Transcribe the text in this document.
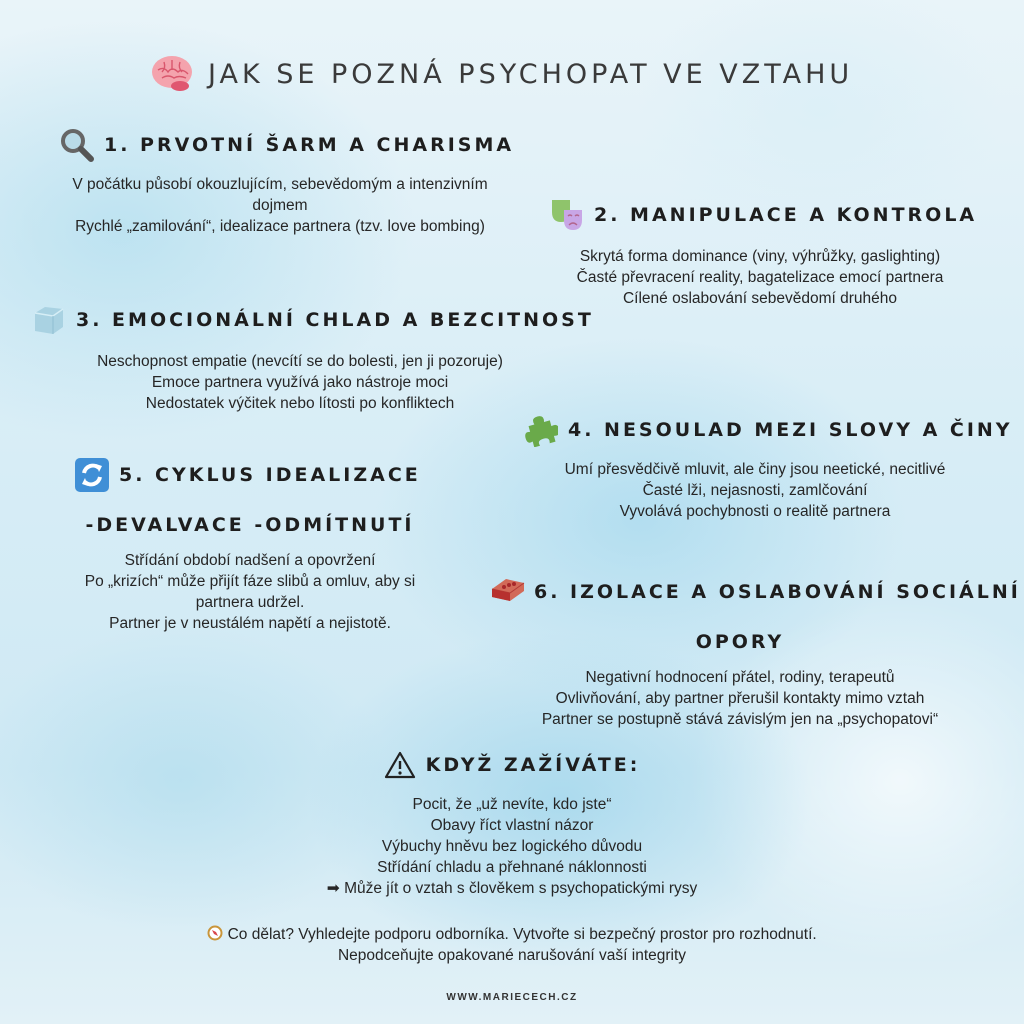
JAK SE POZNÁ PSYCHOPAT VE VZTAHU
1. PRVOTNÍ ŠARM A CHARISMA
V počátku působí okouzlujícím, sebevědomým a intenzivním
dojmem
Rychlé „zamilování“, idealizace partnera (tzv. love bombing)
2. MANIPULACE A KONTROLA
Skrytá forma dominance (viny, výhrůžky, gaslighting)
Časté převracení reality, bagatelizace emocí partnera
Cílené oslabování sebevědomí druhého
3. EMOCIONÁLNÍ CHLAD A BEZCITNOST
Neschopnost empatie (nevcítí se do bolesti, jen ji pozoruje)
Emoce partnera využívá jako nástroje moci
Nedostatek výčitek nebo lítosti po konfliktech
4. NESOULAD MEZI SLOVY A ČINY
Umí přesvědčivě mluvit, ale činy jsou neetické, necitlivé
Časté lži, nejasnosti, zamlčování
Vyvolává pochybnosti o realitě partnera
5. CYKLUS IDEALIZACE
-DEVALVACE -ODMÍTNUTÍ
Střídání období nadšení a opovržení
Po „krizích“ může přijít fáze slibů a omluv, aby si
partnera udržel.
Partner je v neustálém napětí a nejistotě.
6. IZOLACE A OSLABOVÁNÍ SOCIÁLNÍ
OPORY
Negativní hodnocení přátel, rodiny, terapeutů
Ovlivňování, aby partner přerušil kontakty mimo vztah
Partner se postupně stává závislým jen na „psychopatovi“
KDYŽ ZAŽÍVÁTE:
Pocit, že „už nevíte, kdo jste“
Obavy říct vlastní názor
Výbuchy hněvu bez logického důvodu
Střídání chladu a přehnané náklonnosti
➡ Může jít o vztah s člověkem s psychopatickými rysy
Co dělat? Vyhledejte podporu odborníka. Vytvořte si bezpečný prostor pro rozhodnutí.
Nepodceňujte opakované narušování vaší integrity
WWW.MARIECECH.CZ
